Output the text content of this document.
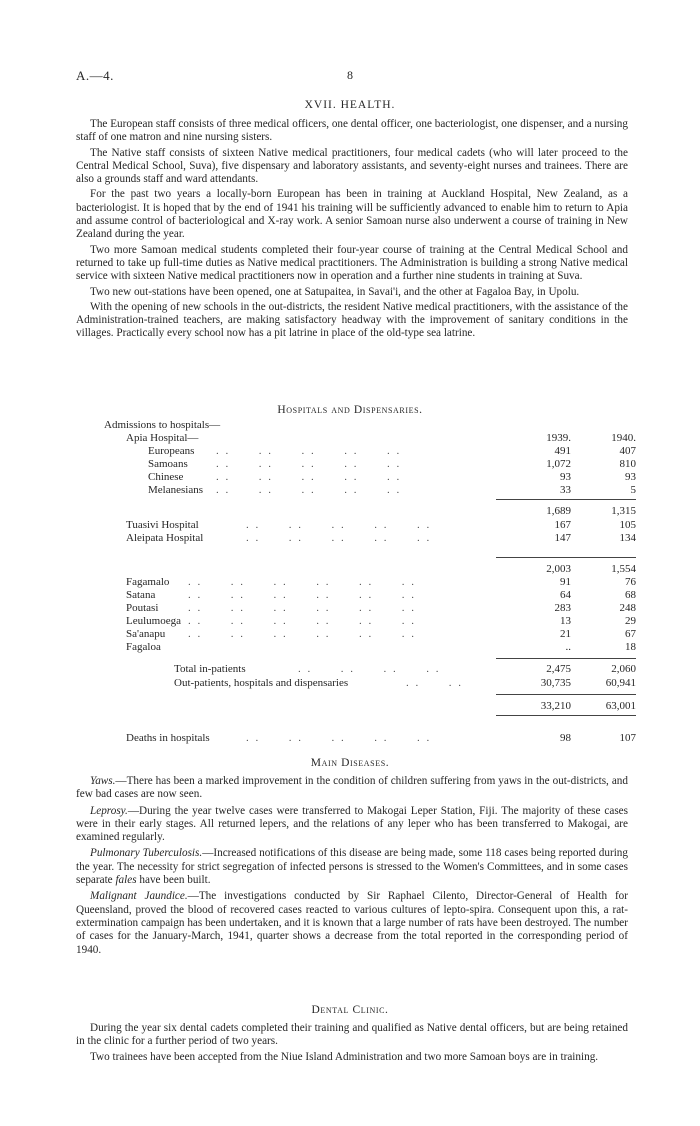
A.—4.	8
XVII. HEALTH.

The European staff consists of three medical officers, one dental officer, one bacteriologist, one dispenser, and a nursing staff of one matron and nine nursing sisters.

The Native staff consists of sixteen Native medical practitioners, four medical cadets (who will later proceed to the Central Medical School, Suva), five dispensary and laboratory assistants, and seventy-eight nurses and trainees. There are also a grounds staff and ward attendants.

For the past two years a locally-born European has been in training at Auckland Hospital, New Zealand, as a bacteriologist. It is hoped that by the end of 1941 his training will be sufficiently advanced to enable him to return to Apia and assume control of bacteriological and X-ray work. A senior Samoan nurse also underwent a course of training in New Zealand during the year.

Two more Samoan medical students completed their four-year course of training at the Central Medical School and returned to take up full-time duties as Native medical practitioners. The Administration is building a strong Native medical service with sixteen Native medical practitioners now in operation and a further nine students in training at Suva.

Two new out-stations have been opened, one at Satupaitea, in Savai'i, and the other at Fagaloa Bay, in Upolu.

With the opening of new schools in the out-districts, the resident Native medical practitioners, with the assistance of the Administration-trained teachers, are making satisfactory headway with the improvement of sanitary conditions in the villages. Practically every school now has a pit latrine in place of the old-type sea latrine.

Hospitals and Dispensaries.
Admissions to hospitals—
Apia Hospital—	1939.	1940.
Europeans . .      . .      . .      . .      . .	491	407
Samoans	. .      . .      . .      . .      . .	1,072	810
Chinese	. .      . .      . .      . .      . .	93	93
Melanesians . .      . .      . .      . .      . .	33	5
1,689	1,315
Tuasivi Hospital	. .      . .      . .      . .      . .	167	105
Aleipata Hospital	. .      . .      . .      . .      . .	147	134
2,003	1,554
Fagamalo . .      . .      . .      . .      . .      . .	91	76
Satana	. .      . .      . .      . .      . .      . .	64	68
Poutasi	. .      . .      . .      . .      . .      . .	283	248
Leulumoega . .      . .      . .      . .      . .      . .	13	29
Sa'anapu . .      . .      . .      . .      . .      . .	21	67
Fagaloa	..	18
Total in-patients	. .      . .      . .      . .	2,475	2,060
Out-patients, hospitals and dispensaries	. .      . .	30,735	60,941
33,210	63,001
Deaths in hospitals	. .      . .      . .      . .      . .	98	107
Main Diseases.

Yaws.—There has been a marked improvement in the condition of children suffering from yaws in the out-districts, and few bad cases are now seen.

Leprosy.—During the year twelve cases were transferred to Makogai Leper Station, Fiji. The majority of these cases were in their early stages. All returned lepers, and the relations of any leper who has been transferred to Makogai, are examined regularly.

Pulmonary Tuberculosis.—Increased notifications of this disease are being made, some 118 cases being reported during the year. The necessity for strict segregation of infected persons is stressed to the Women's Committees, and in some cases separate fales have been built.

Malignant Jaundice.—The investigations conducted by Sir Raphael Cilento, Director-General of Health for Queensland, proved the blood of recovered cases reacted to various cultures of lepto-spira. Consequent upon this, a rat-extermination campaign has been undertaken, and it is known that a large number of rats have been destroyed. The number of cases for the January-March, 1941, quarter shows a decrease from the total reported in the corresponding period of 1940.

Dental Clinic.

During the year six dental cadets completed their training and qualified as Native dental officers, but are being retained in the clinic for a further period of two years.

Two trainees have been accepted from the Niue Island Administration and two more Samoan boys are in training.
